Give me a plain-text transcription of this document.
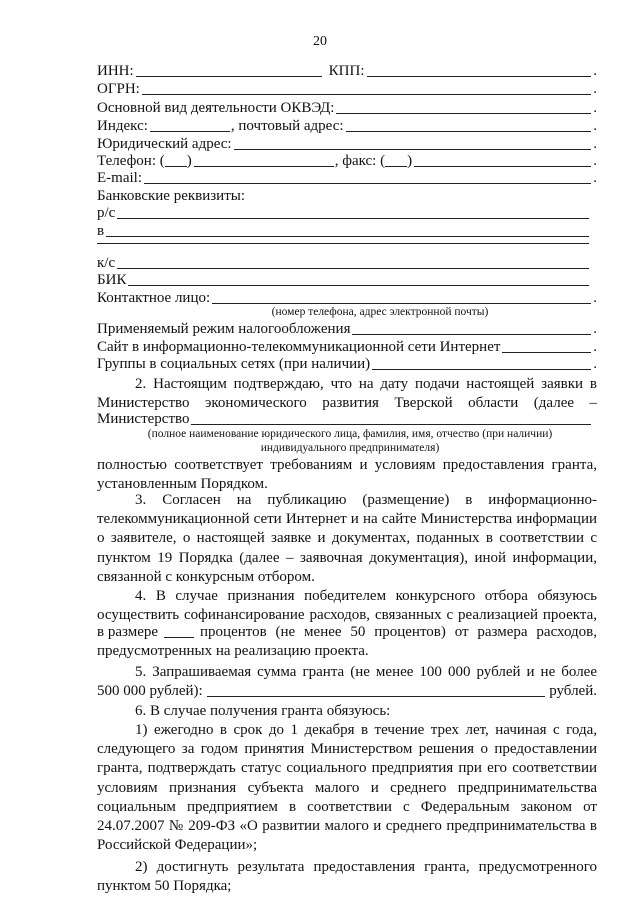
20
ИНН:	КПП:	.
ОГРН:	.
Основной вид деятельности ОКВЭД:	.
Индекс:	, почтовый адрес:	.
Юридический адрес:	.
Телефон: ( )	, факс: ( )	.
E-mail:	.
Банковские реквизиты:
р/с
в
к/с
БИК
Контактное лицо:	.
(номер телефона, адрес электронной почты)
Применяемый режим налогообложения	.
Сайт в информационно-телекоммуникационной сети Интернет	.
Группы в социальных сетях (при наличии)	.
2. Настоящим подтверждаю, что на дату подачи настоящей заявки в
Министерство экономического развития Тверской области (далее –
Министерство
(полное наименование юридического лица, фамилия, имя, отчество (при наличии) индивидуального предпринимателя)
полностью соответствует требованиям и условиям предоставления гранта,
установленным Порядком.
3. Согласен на публикацию (размещение) в информационно-
телекоммуникационной сети Интернет и на сайте Министерства информации
о заявителе, о настоящей заявке и документах, поданных в соответствии с
пунктом 19 Порядка (далее – заявочная документация), иной информации,
связанной с конкурсным отбором.
4. В случае признания победителем конкурсного отбора обязуюсь
осуществить софинансирование расходов, связанных с реализацией проекта,
в размере	процентов (не менее 50 процентов) от размера расходов,
предусмотренных на реализацию проекта.
5. Запрашиваемая сумма гранта (не менее 100 000 рублей и не более
500 000 рублей):	рублей.
6. В случае получения гранта обязуюсь:
1) ежегодно в срок до 1 декабря в течение трех лет, начиная с года,
следующего за годом принятия Министерством решения о предоставлении
гранта, подтверждать статус социального предприятия при его соответствии
условиям признания субъекта малого и среднего предпринимательства
социальным предприятием в соответствии с Федеральным законом от
24.07.2007 № 209-ФЗ «О развитии малого и среднего предпринимательства в
Российской Федерации»;
2) достигнуть результата предоставления гранта, предусмотренного
пунктом 50 Порядка;
